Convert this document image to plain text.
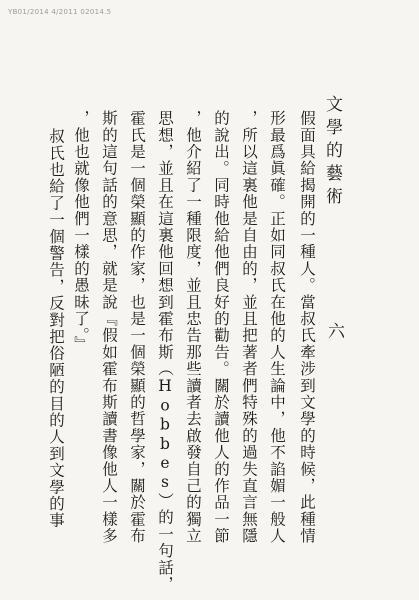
YB01/2014 4/2011 02014.5
文學的藝術
六
假面具給揭開的一種人。當叔氏牽涉到文學的時候，此種情
形最爲眞確。正如同叔氏在他的人生論中，他不諂媚一般人
，所以這裏他是自由的，並且把著者們特殊的過失直言無隱
的說出。同時他給他們良好的勸告。關於讀他人的作品一節
，他介紹了一種限度，並且忠告那些讀者去啟發自己的獨立
思想，並且在這裏他回想到霍布斯（Hobbes）的一句話，
霍氏是一個榮顯的作家，也是一個榮顯的哲學家，關於霍布
斯的這句話的意思，就是說『假如霍布斯讀書像他人一樣多
，他也就像他們一樣的愚昧了。』
叔氏也給了一個警告，反對把俗陋的目的人到文學的事
